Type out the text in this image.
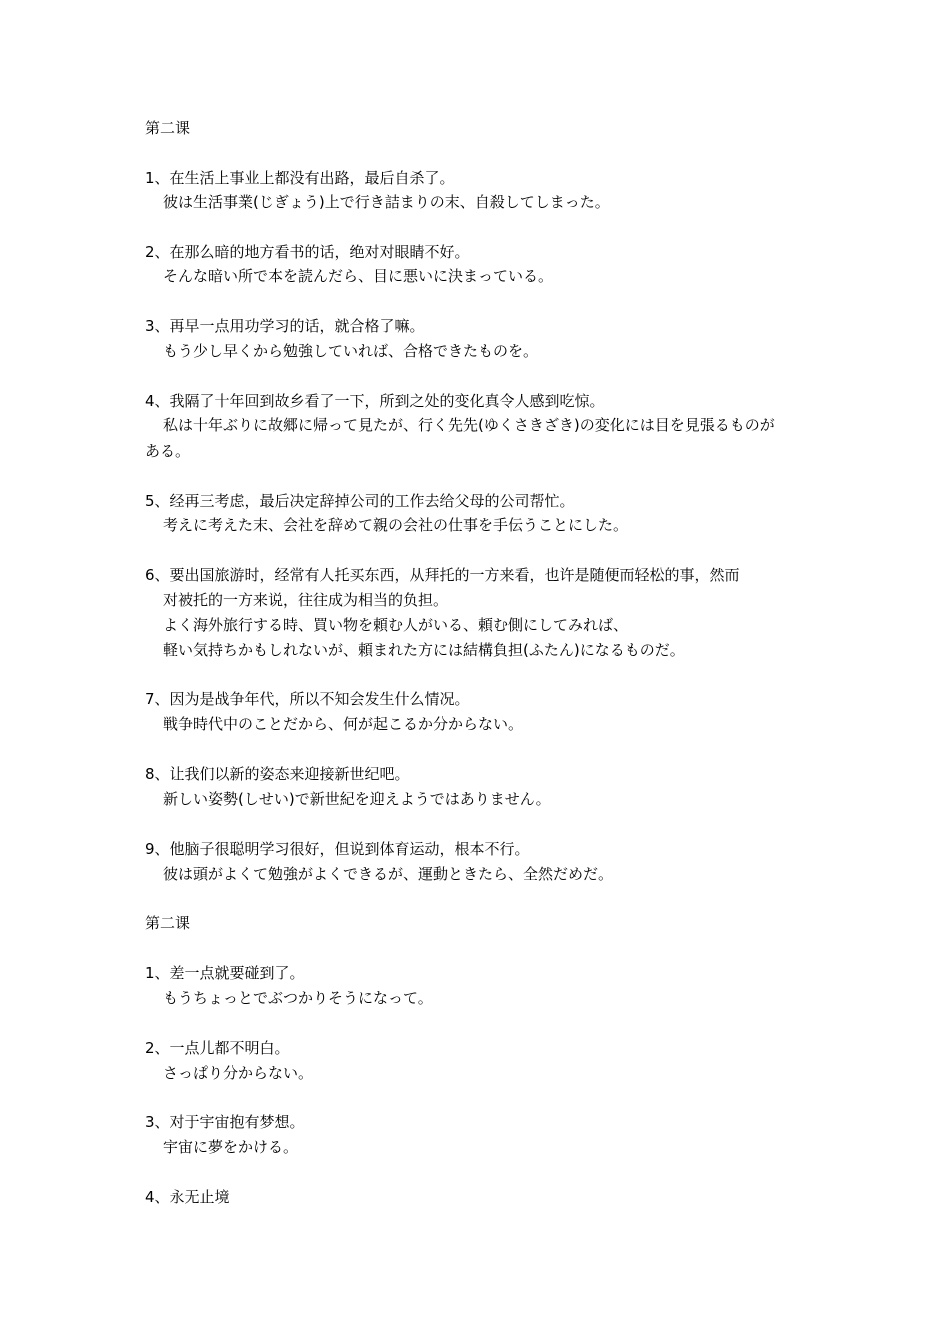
第二课
1、在生活上事业上都没有出路，最后自杀了。
彼は生活事業(じぎょう)上で行き詰まりの末、自殺してしまった。
2、在那么暗的地方看书的话，绝对对眼睛不好。
そんな暗い所で本を読んだら、目に悪いに決まっている。
3、再早一点用功学习的话，就合格了嘛。
もう少し早くから勉強していれば、合格できたものを。
4、我隔了十年回到故乡看了一下，所到之处的变化真令人感到吃惊。
私は十年ぶりに故郷に帰って見たが、行く先先(ゆくさきざき)の変化には目を見張るものが
ある。
5、经再三考虑，最后决定辞掉公司的工作去给父母的公司帮忙。
考えに考えた末、会社を辞めて親の会社の仕事を手伝うことにした。
6、要出国旅游时，经常有人托买东西，从拜托的一方来看，也许是随便而轻松的事，然而
对被托的一方来说，往往成为相当的负担。
よく海外旅行する時、買い物を頼む人がいる、頼む側にしてみれば、
軽い気持ちかもしれないが、頼まれた方には結構負担(ふたん)になるものだ。
7、因为是战争年代，所以不知会发生什么情况。
戦争時代中のことだから、何が起こるか分からない。
8、让我们以新的姿态来迎接新世纪吧。
新しい姿勢(しせい)で新世紀を迎えようではありません。
9、他脑子很聪明学习很好，但说到体育运动，根本不行。
彼は頭がよくて勉強がよくできるが、運動ときたら、全然だめだ。
第二课
1、差一点就要碰到了。
もうちょっとでぶつかりそうになって。
2、一点儿都不明白。
さっぱり分からない。
3、对于宇宙抱有梦想。
宇宙に夢をかける。
4、永无止境
